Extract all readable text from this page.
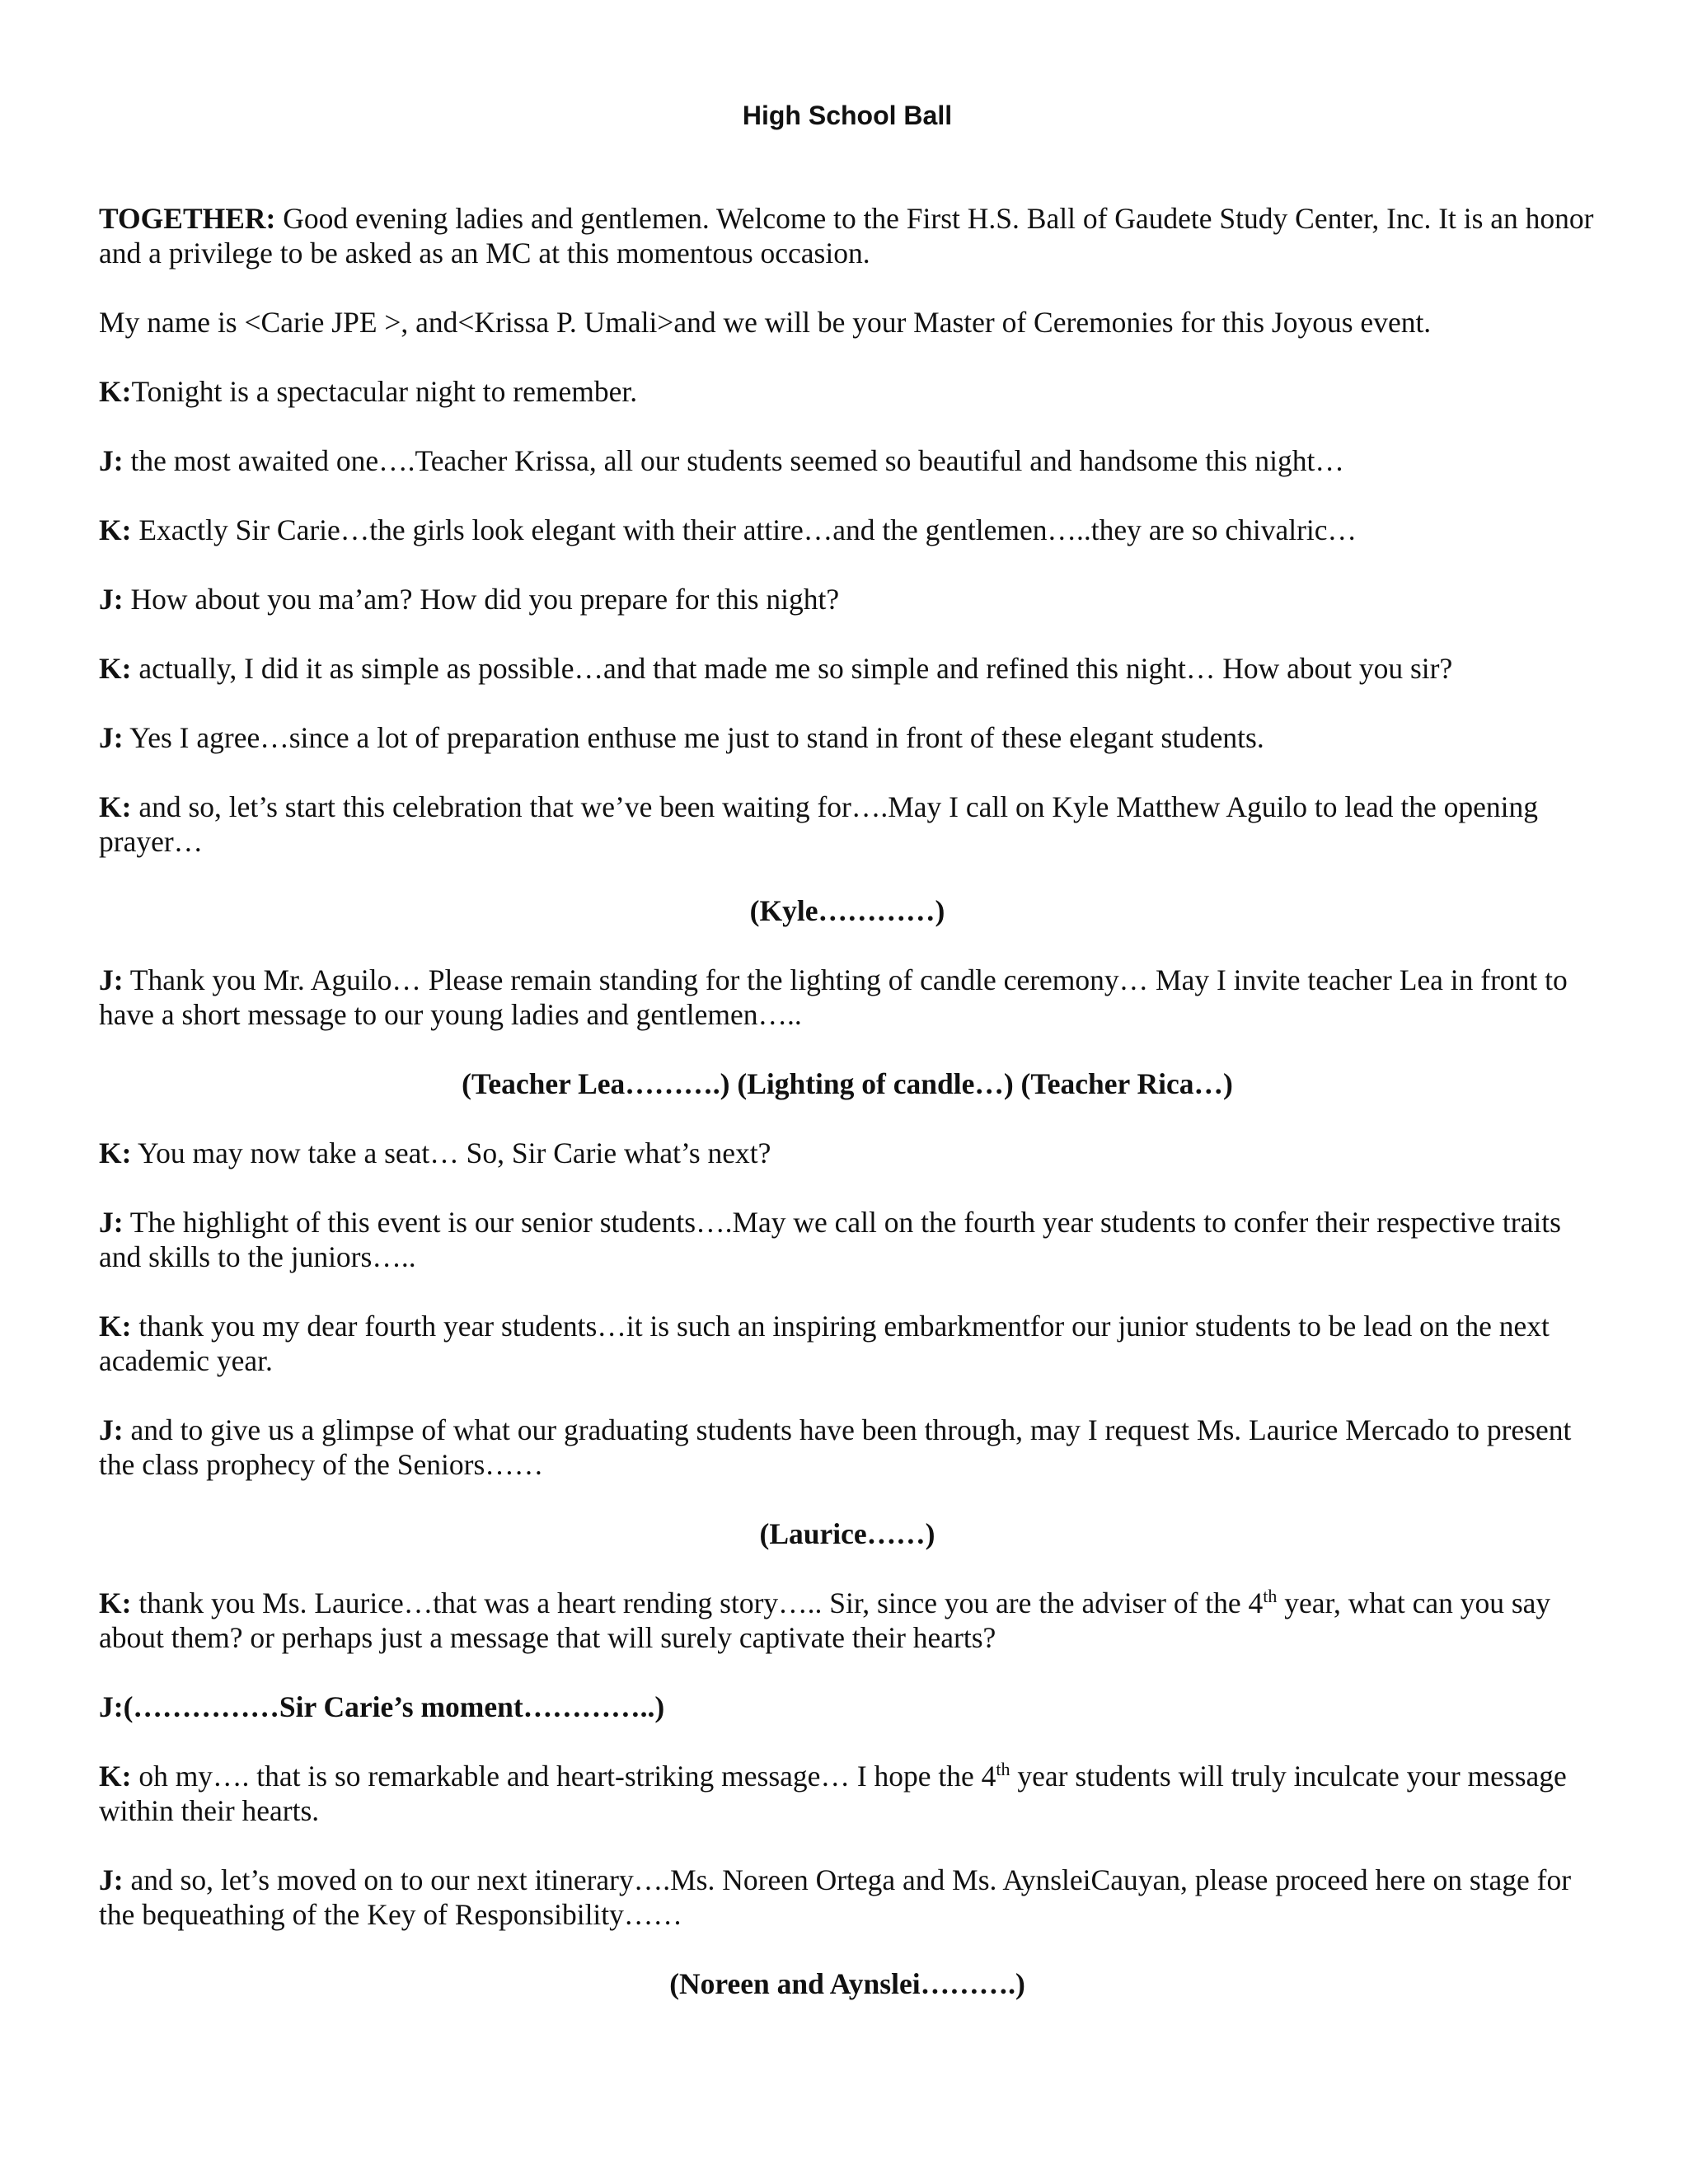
High School Ball

TOGETHER: Good evening ladies and gentlemen. Welcome to the First H.S. Ball of Gaudete Study Center, Inc. It is an honor and a privilege to be asked as an MC at this momentous occasion.

My name is <Carie JPE >, and<Krissa P. Umali>and we will be your Master of Ceremonies for this Joyous event.

K:Tonight is a spectacular night to remember.

J: the most awaited one….Teacher Krissa, all our students seemed so beautiful and handsome this night…

K: Exactly Sir Carie…the girls look elegant with their attire…and the gentlemen…..they are so chivalric…

J: How about you ma’am? How did you prepare for this night?

K: actually, I did it as simple as possible…and that made me so simple and refined this night… How about you sir?

J: Yes I agree…since a lot of preparation enthuse me just to stand in front of these elegant students.

K: and so, let’s start this celebration that we’ve been waiting for….May I call on Kyle Matthew Aguilo to lead the opening prayer…

(Kyle…………)

J: Thank you Mr. Aguilo… Please remain standing for the lighting of candle ceremony… May I invite teacher Lea in front to have a short message to our young ladies and gentlemen…..

(Teacher Lea……….) (Lighting of candle…) (Teacher Rica…)

K: You may now take a seat… So, Sir Carie what’s next?

J: The highlight of this event is our senior students….May we call on the fourth year students to confer their respective traits and skills to the juniors…..

K: thank you my dear fourth year students…it is such an inspiring embarkmentfor our junior students to be lead on the next academic year.

J: and to give us a glimpse of what our graduating students have been through, may I request Ms. Laurice Mercado to present the class prophecy of the Seniors……

(Laurice……)

K: thank you Ms. Laurice…that was a heart rending story….. Sir, since you are the adviser of the 4th year, what can you say about them? or perhaps just a message that will surely captivate their hearts?

J:(……………Sir Carie’s moment…………..)

K: oh my…. that is so remarkable and heart-striking message… I hope the 4th year students will truly inculcate your message within their hearts.

J: and so, let’s moved on to our next itinerary….Ms. Noreen Ortega and Ms. AynsleiCauyan, please proceed here on stage for the bequeathing of the Key of Responsibility……

(Noreen and Aynslei……….)
